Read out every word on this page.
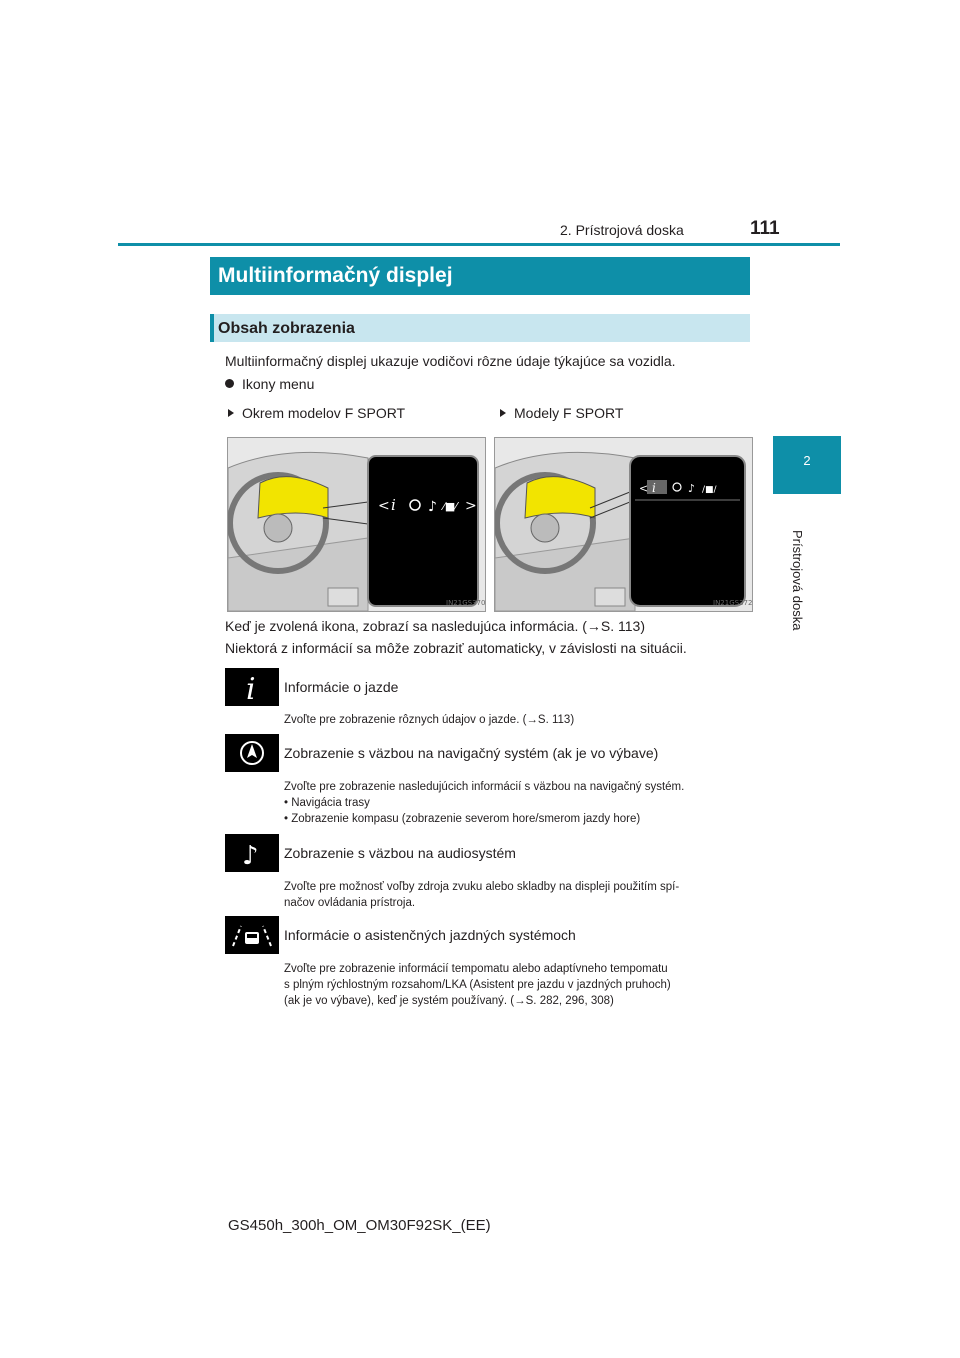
2. Prístrojová doska	111
2
Prístrojová doska
Multiinformačný displej
Obsah zobrazenia
Multiinformačný displej ukazuje vodičovi rôzne údaje týkajúce sa vozidla.
Ikony menu
Okrem modelov F SPORT	Modely F SPORT
< i ♪ ⁄■⁄ >
IN21GS370
< i	♪ /■/
IN21GS372
Keď je zvolená ikona, zobrazí sa nasledujúca informácia. (→S. 113)
Niektorá z informácií sa môže zobraziť automaticky, v závislosti na situácii.
i Informácie o jazde
Zvoľte pre zobrazenie rôznych údajov o jazde. (→S. 113)
Zobrazenie s väzbou na navigačný systém (ak je vo výbave)
Zvoľte pre zobrazenie nasledujúcich informácií s väzbou na navigačný systém.
• Navigácia trasy
• Zobrazenie kompasu (zobrazenie severom hore/smerom jazdy hore)
♪ Zobrazenie s väzbou na audiosystém
Zvoľte pre možnosť voľby zdroja zvuku alebo skladby na displeji použitím spí-
načov ovládania prístroja.
Informácie o asistenčných jazdných systémoch
Zvoľte pre zobrazenie informácií tempomatu alebo adaptívneho tempomatu
s plným rýchlostným rozsahom/LKA (Asistent pre jazdu v jazdných pruhoch)
(ak je vo výbave), keď je systém používaný. (→S. 282, 296, 308)
GS450h_300h_OM_OM30F92SK_(EE)
